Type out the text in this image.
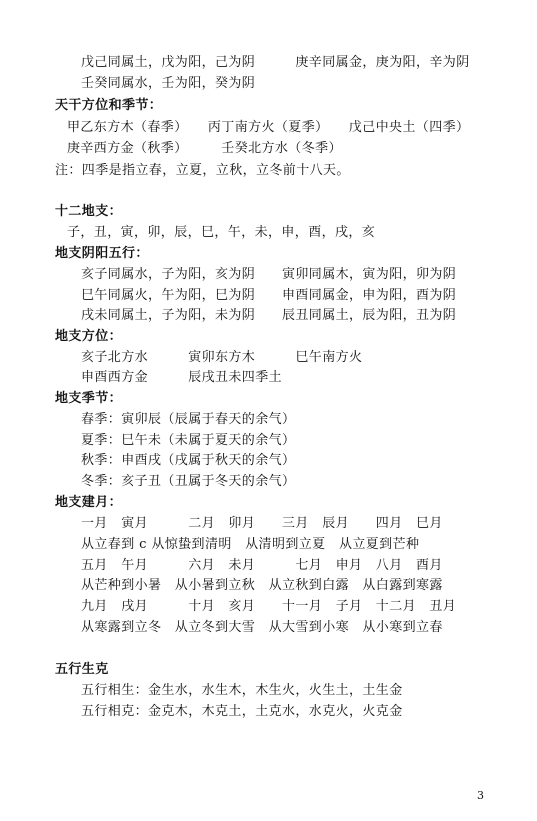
戊己同属土，戊为阳，己为阴　　　庚辛同属金，庚为阳，辛为阴
壬癸同属水，壬为阳，癸为阴
天干方位和季节：
甲乙东方木（春季）　　丙丁南方火（夏季）　　戊己中央土（四季）
庚辛西方金（秋季）　　　壬癸北方水（冬季）
注：四季是指立春，立夏，立秋，立冬前十八天。
十二地支：
子，丑，寅，卯，辰，巳，午，未，申，酉，戌，亥
地支阴阳五行：
亥子同属水，子为阳，亥为阴　　寅卯同属木，寅为阳，卯为阴
巳午同属火，午为阳，巳为阴　　申酉同属金，申为阳，酉为阴
戌未同属土，子为阳，未为阴　　辰丑同属土，辰为阳，丑为阴
地支方位：
亥子北方水　　　寅卯东方木　　　巳午南方火
申酉西方金　　　辰戌丑未四季土
地支季节：
春季：寅卯辰（辰属于春天的余气）
夏季：巳午未（未属于夏天的余气）
秋季：申酉戌（戌属于秋天的余气）
冬季：亥子丑（丑属于冬天的余气）
地支建月：
一月　寅月　　　二月　卯月　　三月　辰月　　四月　巳月
从立春到 c 从惊蛰到清明　从清明到立夏　从立夏到芒种
五月　午月　　　六月　未月　　　七月　申月　八月　酉月
从芒种到小暑　从小暑到立秋　从立秋到白露　从白露到寒露
九月　戌月　　　十月　亥月　　十一月　子月　十二月　丑月
从寒露到立冬　从立冬到大雪　从大雪到小寒　从小寒到立春
五行生克
五行相生：金生水，水生木，木生火，火生土，土生金
五行相克：金克木，木克土，土克水，水克火，火克金
3
